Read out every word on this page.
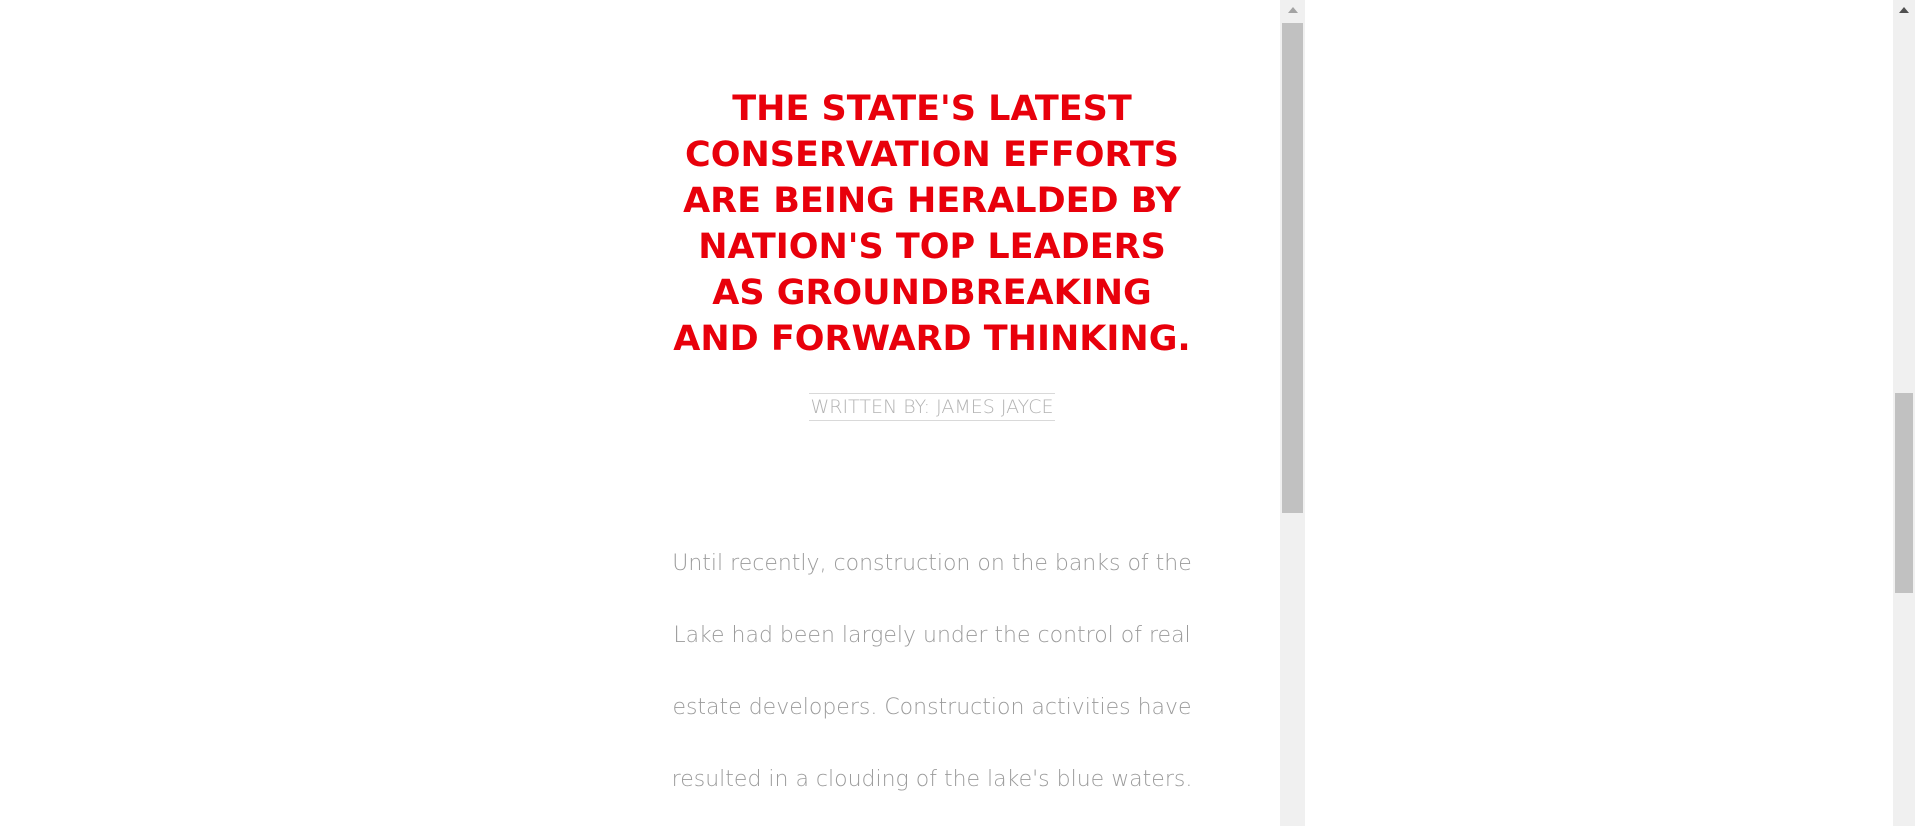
THE STATE'S LATEST CONSERVATION EFFORTS ARE BEING HERALDED BY NATION'S TOP LEADERS AS GROUNDBREAKING AND FORWARD THINKING.
WRITTEN BY: JAMES JAYCE

Until recently, construction on the banks of the Lake had been largely under the control of real estate developers. Construction activities have resulted in a clouding of the lake's blue waters.
